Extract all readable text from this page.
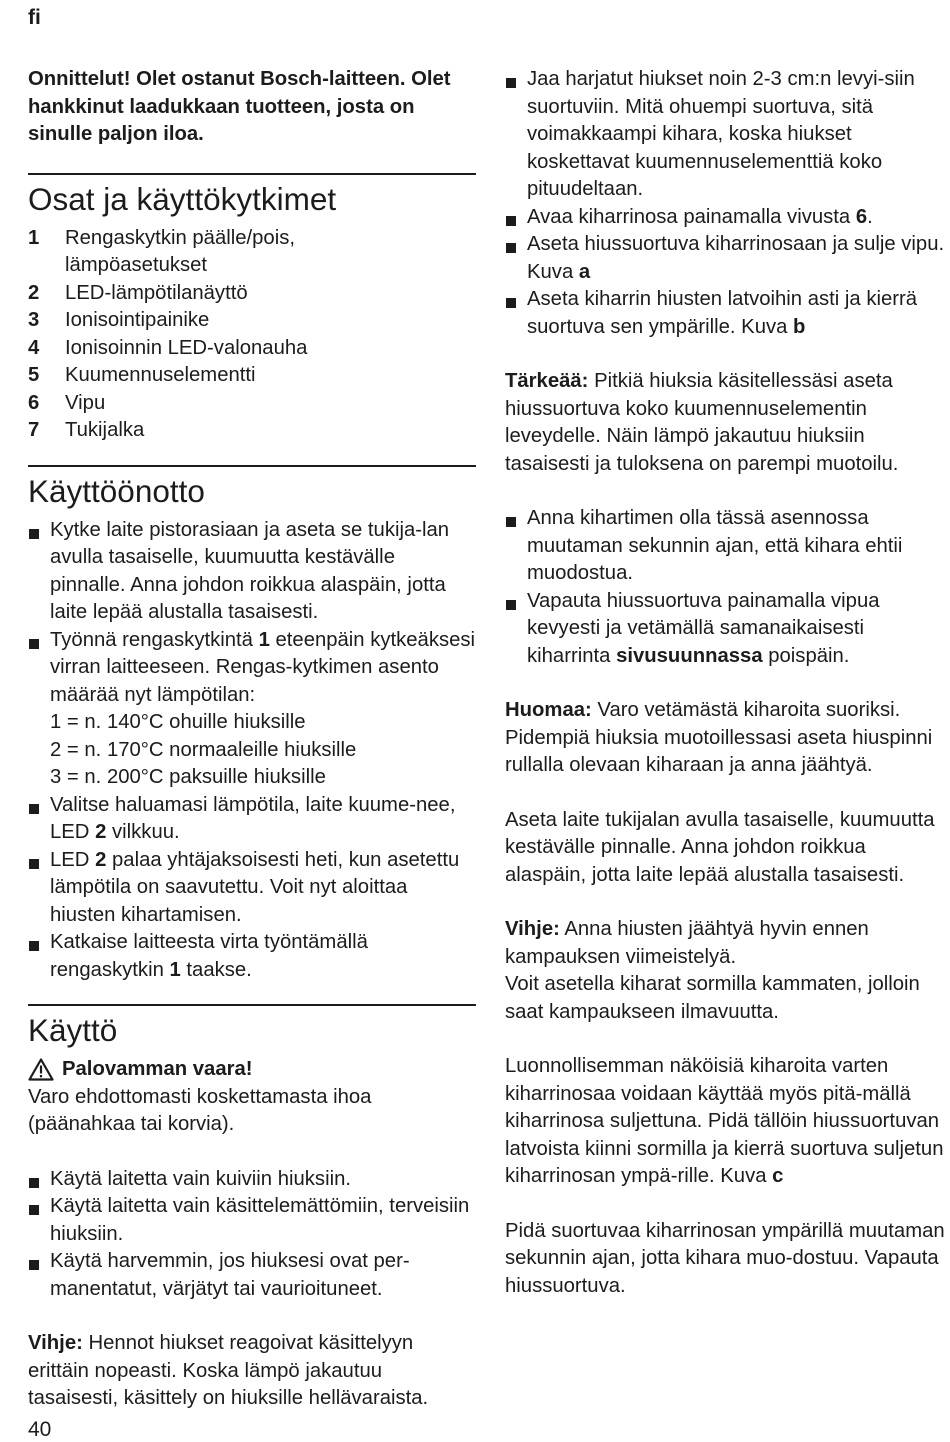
fi

Onnittelut! Olet ostanut Bosch-laitteen. Olet hankkinut laadukkaan tuotteen, josta on sinulle paljon iloa.

Osat ja käyttökytkimet
1	Rengaskytkin päälle/pois, lämpöasetukset
2	LED-lämpötilanäyttö
3	Ionisointipainike
4	Ionisoinnin LED-valonauha
5	Kuumennuselementti
6	Vipu
7	Tukijalka
Käyttöönotto
Kytke laite pistorasiaan ja aseta se tukija-lan avulla tasaiselle, kuumuutta kestävälle pinnalle. Anna johdon roikkua alaspäin, jotta laite lepää alustalla tasaisesti.
Työnnä rengaskytkintä 1 eteenpäin kytkeäksesi virran laitteeseen. Rengas-kytkimen asento määrää nyt lämpötilan:
1 = n. 140°C ohuille hiuksille
2 = n. 170°C normaaleille hiuksille
3 = n. 200°C paksuille hiuksille
Valitse haluamasi lämpötila, laite kuume-nee, LED 2 vilkkuu.
LED 2 palaa yhtäjaksoisesti heti, kun asetettu lämpötila on saavutettu. Voit nyt aloittaa hiusten kihartamisen.
Katkaise laitteesta virta työntämällä rengaskytkin 1 taakse.
Käyttö
Palovamman vaara!

Varo ehdottomasti koskettamasta ihoa (päänahkaa tai korvia).

Käytä laitetta vain kuiviin hiuksiin.
Käytä laitetta vain käsittelemättömiin, terveisiin hiuksiin.
Käytä harvemmin, jos hiuksesi ovat per-manentatut, värjätyt tai vaurioituneet.

Vihje: Hennot hiukset reagoivat käsittelyyn erittäin nopeasti. Koska lämpö jakautuu tasaisesti, käsittely on hiuksille hellävaraista.

Jaa harjatut hiukset noin 2-3 cm:n levyi-siin suortuviin. Mitä ohuempi suortuva, sitä voimakkaampi kihara, koska hiukset koskettavat kuumennuselementtiä koko pituudeltaan.
Avaa kiharrinosa painamalla vivusta 6.
Aseta hiussuortuva kiharrinosaan ja sulje vipu. Kuva a
Aseta kiharrin hiusten latvoihin asti ja kierrä suortuva sen ympärille. Kuva b

Tärkeää: Pitkiä hiuksia käsitellessäsi aseta hiussuortuva koko kuumennuselementin leveydelle. Näin lämpö jakautuu hiuksiin tasaisesti ja tuloksena on parempi muotoilu.

Anna kihartimen olla tässä asennossa muutaman sekunnin ajan, että kihara ehtii muodostua.
Vapauta hiussuortuva painamalla vipua kevyesti ja vetämällä samanaikaisesti kiharrinta sivusuunnassa poispäin.

Huomaa: Varo vetämästä kiharoita suoriksi. Pidempiä hiuksia muotoillessasi aseta hiuspinni rullalla olevaan kiharaan ja anna jäähtyä.

Aseta laite tukijalan avulla tasaiselle, kuumuutta kestävälle pinnalle. Anna johdon roikkua alaspäin, jotta laite lepää alustalla tasaisesti.

Vihje: Anna hiusten jäähtyä hyvin ennen kampauksen viimeistelyä.

Voit asetella kiharat sormilla kammaten, jolloin saat kampaukseen ilmavuutta.

Luonnollisemman näköisiä kiharoita varten kiharrinosaa voidaan käyttää myös pitä-mällä kiharrinosa suljettuna. Pidä tällöin hiussuortuvan latvoista kiinni sormilla ja kierrä suortuva suljetun kiharrinosan ympä-rille. Kuva c

Pidä suortuvaa kiharrinosan ympärillä muutaman sekunnin ajan, jotta kihara muo-dostuu. Vapauta hiussuortuva.

40
